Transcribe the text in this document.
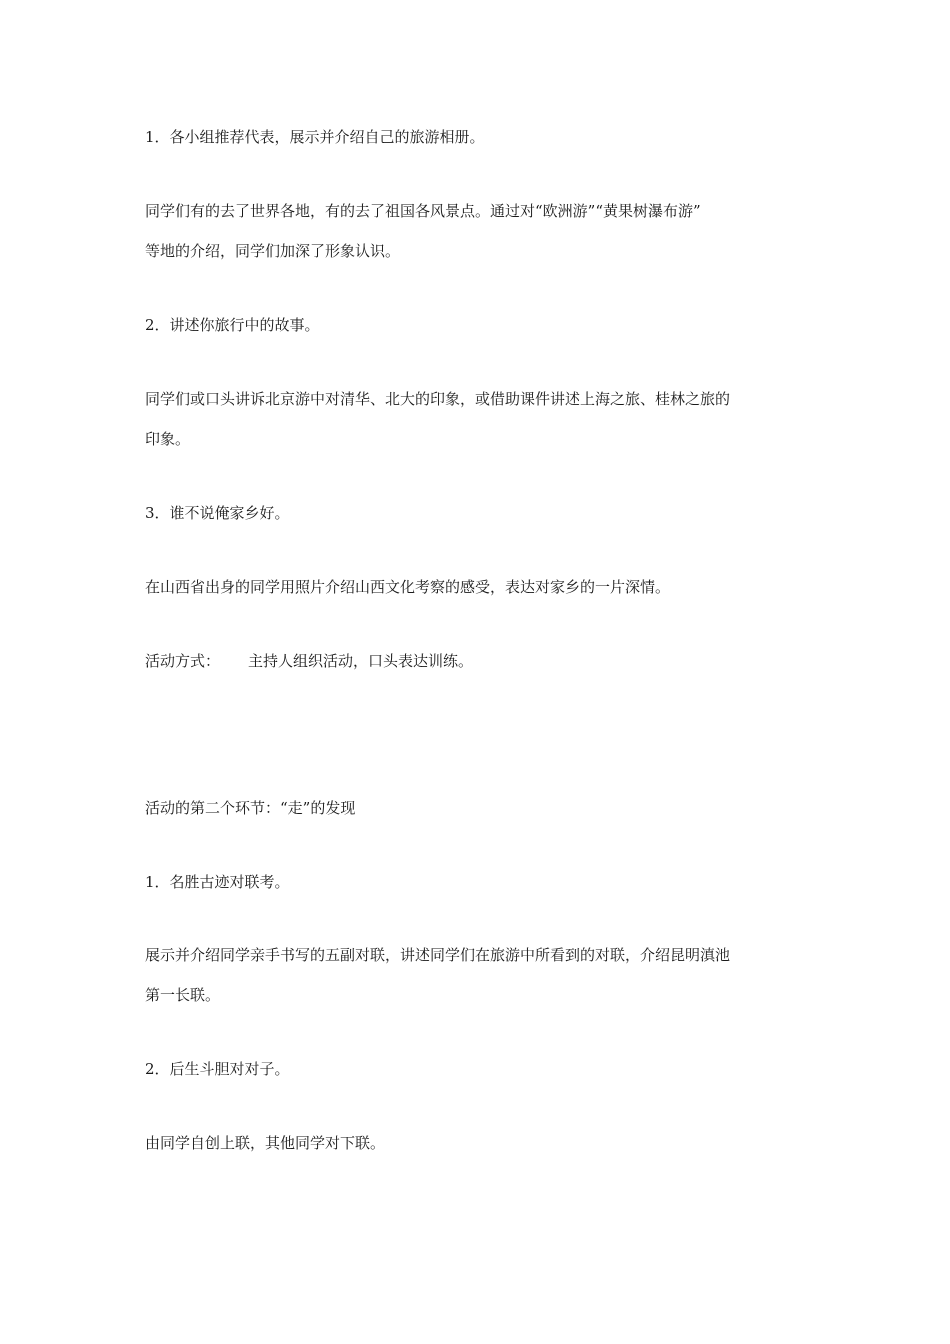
1．各小组推荐代表，展示并介绍自己的旅游相册。

同学们有的去了世界各地，有的去了祖国各风景点。通过对“欧洲游”“黄果树瀑布游”

等地的介绍，同学们加深了形象认识。

2．讲述你旅行中的故事。

同学们或口头讲诉北京游中对清华、北大的印象，或借助课件讲述上海之旅、桂林之旅的

印象。

3．谁不说俺家乡好。

在山西省出身的同学用照片介绍山西文化考察的感受，表达对家乡的一片深情。

活动方式： 主持人组织活动，口头表达训练。

活动的第二个环节：“走”的发现

1．名胜古迹对联考。

展示并介绍同学亲手书写的五副对联，讲述同学们在旅游中所看到的对联，介绍昆明滇池

第一长联。

2．后生斗胆对对子。

由同学自创上联，其他同学对下联。
